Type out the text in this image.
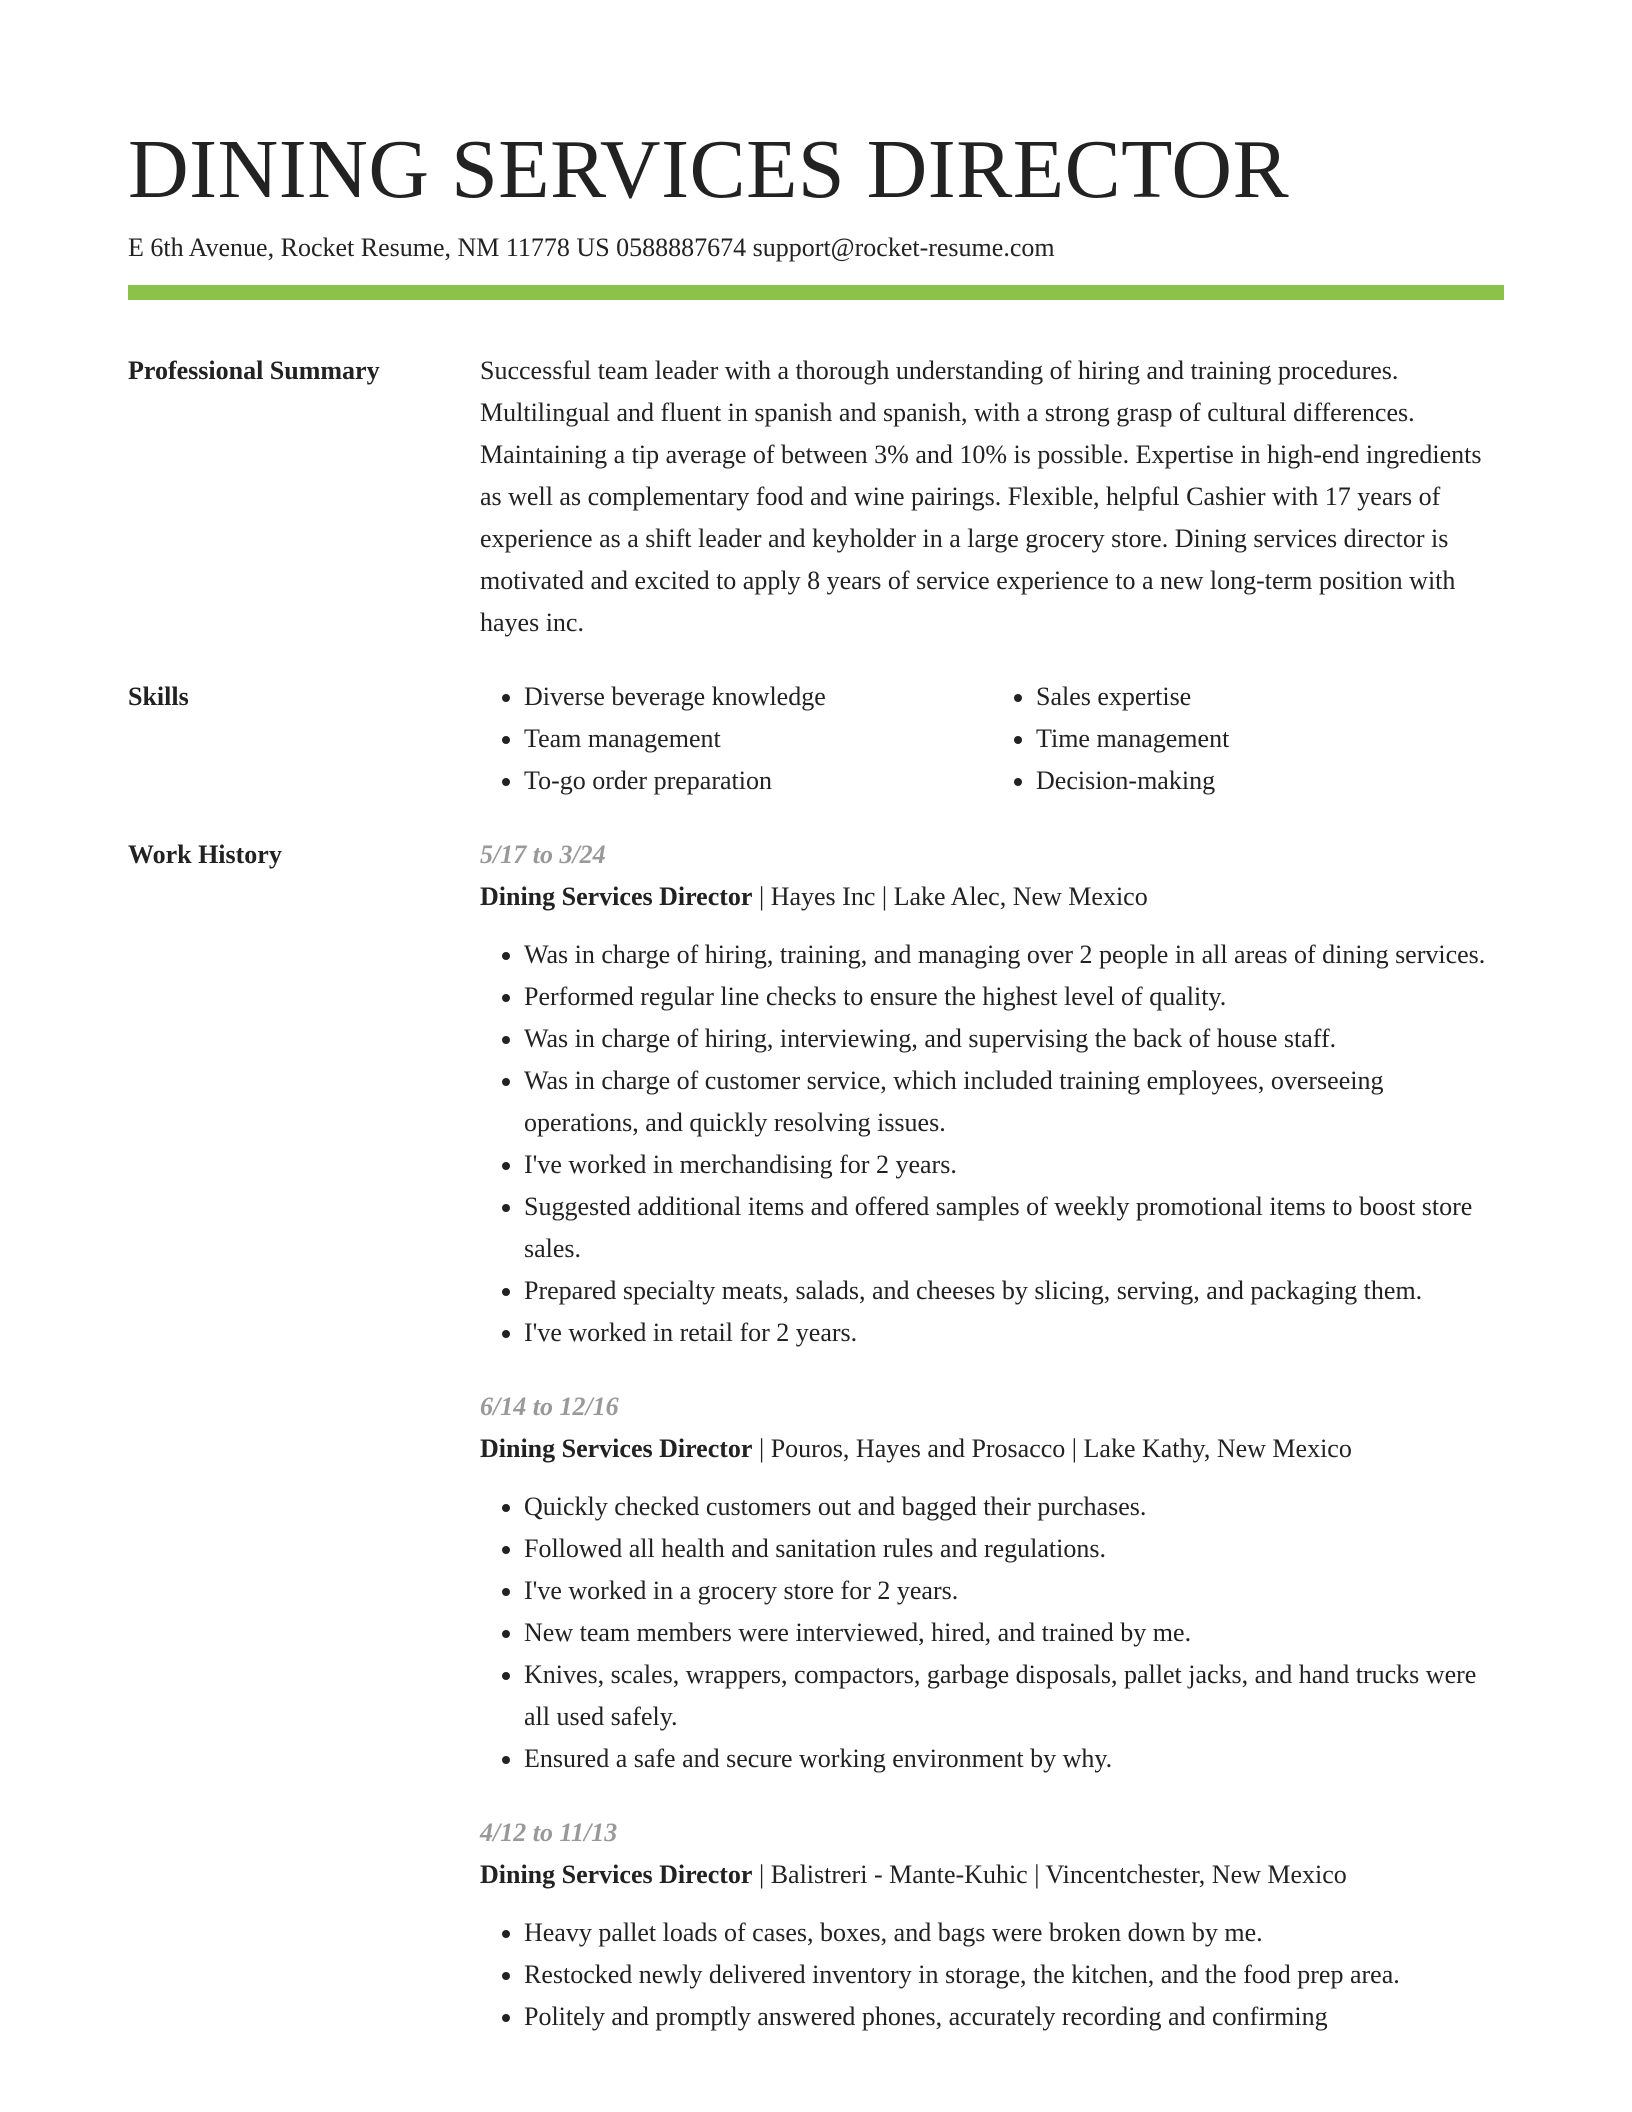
DINING SERVICES DIRECTOR
E 6th Avenue, Rocket Resume, NM 11778 US 0588887674 support@rocket-resume.com
Professional Summary	Successful team leader with a thorough understanding of hiring and training procedures. Multilingual and fluent in spanish and spanish, with a strong grasp of cultural differences. Maintaining a tip average of between 3% and 10% is possible. Expertise in high-end ingredients as well as complementary food and wine pairings. Flexible, helpful Cashier with 17 years of experience as a shift leader and keyholder in a large grocery store. Dining services director is motivated and excited to apply 8 years of service experience to a new long-term position with hayes inc.
Skills
•	Diverse beverage knowledge
• Team management
• To-go order preparation
• Sales expertise
• Time management
• Decision-making
Work History	5/17 to 3/24
Dining Services Director | Hayes Inc | Lake Alec, New Mexico
• Was in charge of hiring, training, and managing over 2 people in all areas of dining services.
• Performed regular line checks to ensure the highest level of quality.
• Was in charge of hiring, interviewing, and supervising the back of house staff.
• Was in charge of customer service, which included training employees, overseeing operations, and quickly resolving issues.
• I've worked in merchandising for 2 years.
• Suggested additional items and offered samples of weekly promotional items to boost store sales.
• Prepared specialty meats, salads, and cheeses by slicing, serving, and packaging them.
• I've worked in retail for 2 years.
6/14 to 12/16
Dining Services Director | Pouros, Hayes and Prosacco | Lake Kathy, New Mexico
• Quickly checked customers out and bagged their purchases.
• Followed all health and sanitation rules and regulations.
• I've worked in a grocery store for 2 years.
• New team members were interviewed, hired, and trained by me.
• Knives, scales, wrappers, compactors, garbage disposals, pallet jacks, and hand trucks were all used safely.
• Ensured a safe and secure working environment by why.
4/12 to 11/13
Dining Services Director | Balistreri - Mante-Kuhic | Vincentchester, New Mexico
• Heavy pallet loads of cases, boxes, and bags were broken down by me.
• Restocked newly delivered inventory in storage, the kitchen, and the food prep area.
• Politely and promptly answered phones, accurately recording and confirming
